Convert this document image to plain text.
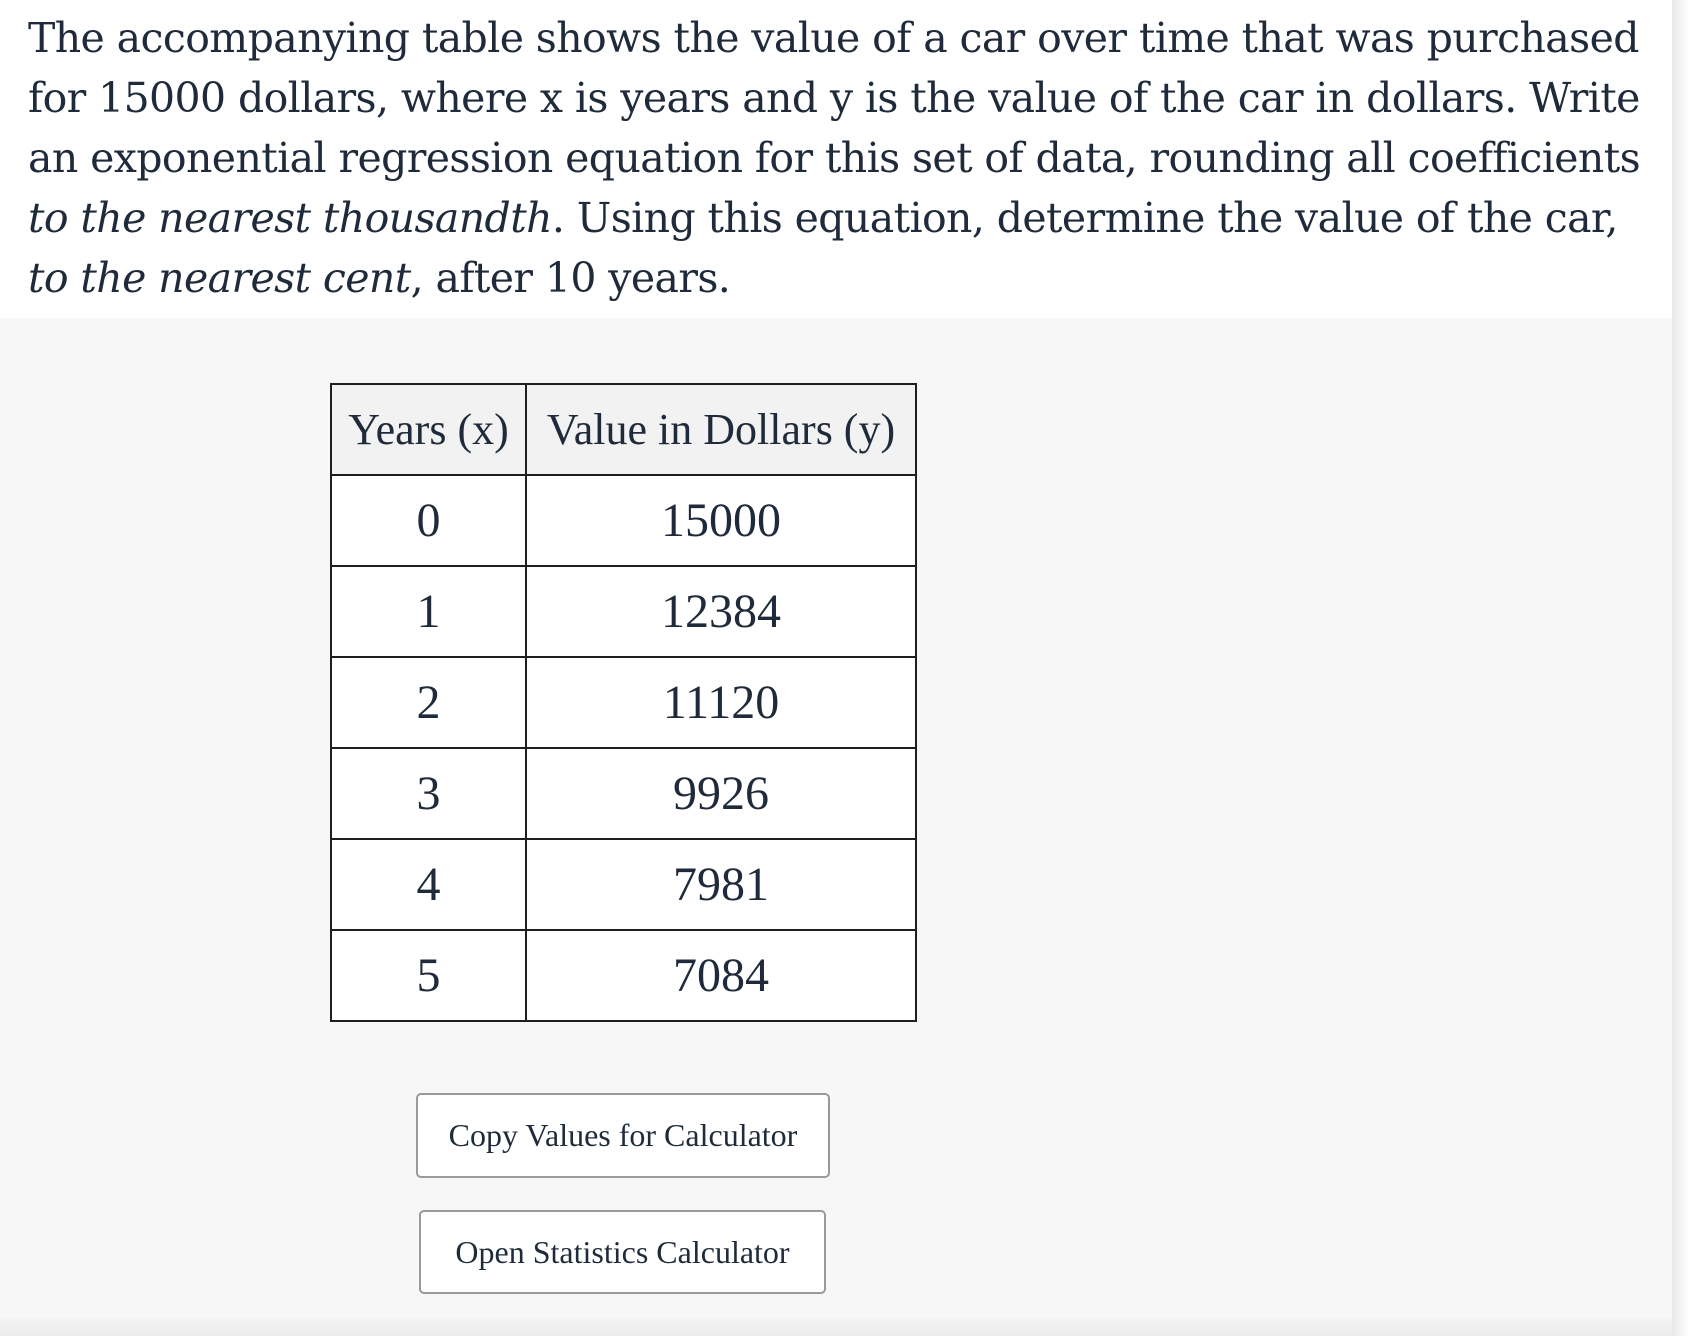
The accompanying table shows the value of a car over time that was purchased for 15000 dollars, where x is years and y is the value of the car in dollars. Write an exponential regression equation for this set of data, rounding all coefficients to the nearest thousandth. Using this equation, determine the value of the car, to the nearest cent, after 10 years.

Years (x)	Value in Dollars (y)
0	15000
1	12384
2	11120
3	9926
4	7981
5	7084
Copy Values for Calculator
Open Statistics Calculator
